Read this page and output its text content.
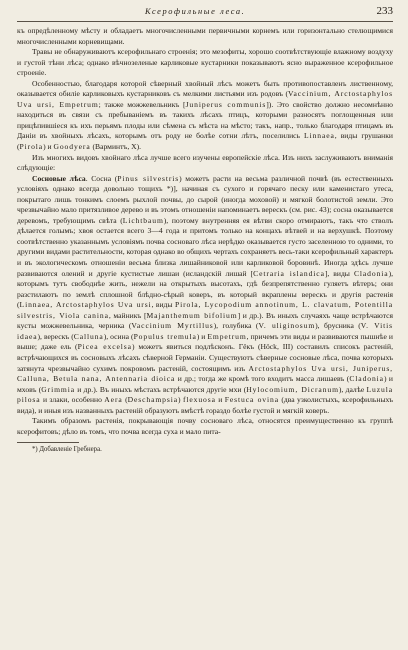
Ксерофильные леса.	233

къ опредѣленному мѣсту и обладаетъ многочисленными первичными корнемъ или горизонтально стелющимися многочисленными корневищами.

Травы не обнаруживаютъ ксерофильнаго строенія; это мезофиты, хорошо соотвѣтствующіе влажному воздуху и густой тѣни лѣса; однако вѣчнозеленые карликовые кустарники показываютъ ясно выраженное ксерофильное строеніе.

Особенностью, благодаря которой сѣверный хвойный лѣсъ можетъ быть противопоставленъ лиственному, оказывается обиліе карликовыхъ кустарниковъ съ мелкими листьями изъ родовъ (Vaccinium, Arctostaphylos Uva ursi, Empetrum; также можжевельникъ [Juniperus communis]). Это свойство должно несомнѣнно находиться въ связи съ пребываніемъ въ такихъ лѣсахъ птицъ, которыми разносятъ поглощенныя или прицѣпившіеся къ ихъ перьямъ плоды или сѣмена съ мѣста на мѣсто; такъ, напр., только благодаря птицамъ въ Даніи въ хвойныхъ лѣсахъ, которымъ отъ роду не болѣе сотни лѣтъ, поселились Linnaea, виды грушанки (Pirola) и Goodyera (Варминтъ, X).

Изъ многихъ видовъ хвойнаго лѣса лучше всего изучены европейскіе лѣса. Изъ нихъ заслуживаютъ вниманія слѣдующіе:

Сосновые лѣса. Сосна (Pinus silvestris) можетъ расти на весьма различной почвѣ (въ естественныхъ условіяхъ однако всегда довольно тощихъ *)], начиная съ сухого и горячаго песку или каменистаго утеса, покрытаго лишь тонкимъ слоемъ рыхлой почвы, до сырой (иногда моховой) и мягкой болотистой земли. Это чрезвычайно мало притязливое дерево и въ этомъ отношеніи напоминаетъ верескъ (см. рис. 43); сосна оказывается деревомъ, требующимъ свѣта (Lichtbaum), поэтому внутренняя ея вѣтви скоро отмираютъ, такъ что стволъ дѣлается голымъ; хвоя остается всего 3—4 года и притомъ только на концахъ вѣтвей и на верхушкѣ. Поэтому соотвѣтственно указаннымъ условіямъ почва сосноваго лѣса нерѣдко оказывается густо заселенною то одними, то другими видами растительности, которая однако во общихъ чертахъ сохраняетъ весь-таки ксерофильный характеръ и въ экологическомъ отношеніи весьма близка лишайниковой или карликовой боровинѣ. Иногда здѣсь лучше развиваются олений и другіе кустистые лишаи (исландскій лишай [Cetraria islandica], виды Cladonia), которымъ тутъ свободнѣе жить, нежели на открытыхъ высотахъ, гдѣ безпрепятственно гуляетъ вѣтеръ; они разстилаютъ по землѣ сплошной блѣдно-сѣрый коверъ, въ который вкраплены верескъ и другія растенія (Linnaea, Arctostaphylos Uva ursi, виды Pirola, Lycopodium annotinum, L. clavatum, Potentilla silvestris, Viola canina, майникъ [Majanthemum bifolium] и др.). Въ иныхъ случаяхъ чаще встрѣчаются кусты можжевельника, черника (Vaccinium Myrtillus), голубика (V. uliginosum), брусника (V. Vitis idaea), верескъ (Calluna), осина (Populus tremula) и Empetrum, причемъ эти виды и развиваются пышнѣе и выше; даже ель (Picea excelsa) можетъ явиться подлѣсконъ. Гёкъ (Höck, III) составилъ списокъ растеній, встрѣчающихся въ сосновыхъ лѣсахъ сѣверной Германіи. Существуютъ сѣверные сосновые лѣса, почва которыхъ затянута чрезвычайно сухимъ покровомъ растеній, состоящимъ изъ Arctostaphylos Uva ursi, Juniperus, Calluna, Betula nana, Antennaria dioica и др.; тогда же кромѣ того входитъ масса лишаевъ (Cladonia) и мховъ (Grimmia и др.). Въ иныхъ мѣстахъ встрѣчаются другіе мхи (Hylocomium, Dicranum), далѣе Luzula pilosa и злаки, особенно Aera (Deschampsia) flexuosa и Festuca ovina (два узколистыхъ, ксерофильныхъ вида), и иныя изъ названныхъ растеній образуютъ вмѣстѣ гораздо болѣе густой и мягкій коверъ.

Такимъ образомъ растенія, покрывающія почву сосноваго лѣса, относятся преимущественно къ группѣ ксерофитовъ; дѣло въ томъ, что почва всегда суха и мало пита-

*) Добавленіе Гребнера.
